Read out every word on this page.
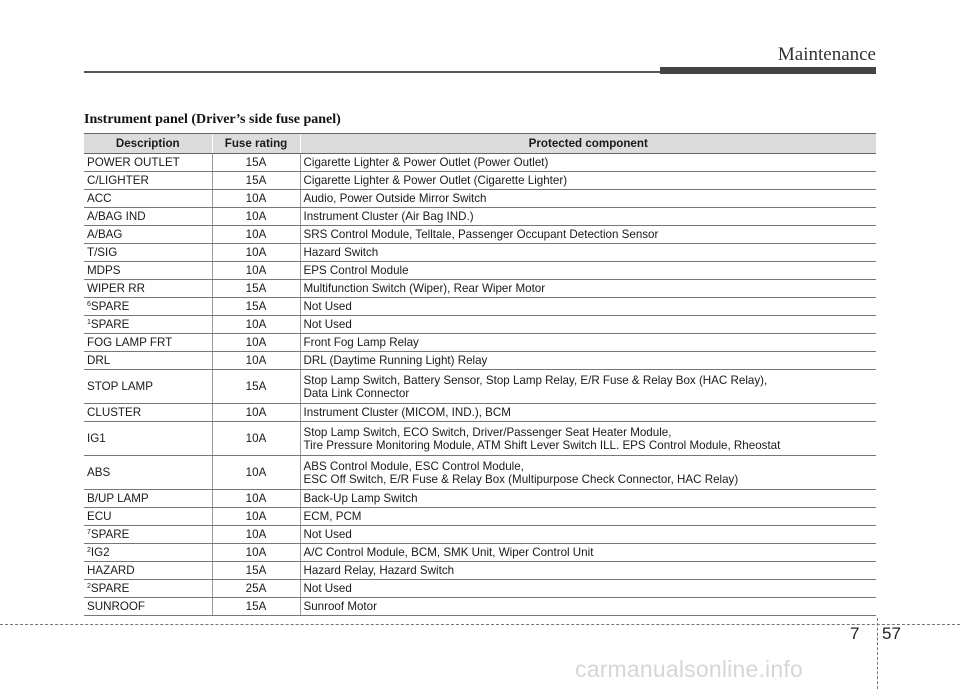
Maintenance
Instrument panel (Driver’s side fuse panel)
Description	Fuse rating	Protected component
POWER OUTLET	15A	Cigarette Lighter & Power Outlet (Power Outlet)

C/LIGHTER	15A	Cigarette Lighter & Power Outlet (Cigarette Lighter)

ACC	10A	Audio, Power Outside Mirror Switch

A/BAG IND	10A	Instrument Cluster (Air Bag IND.)

A/BAG	10A	SRS Control Module, Telltale, Passenger Occupant Detection Sensor

T/SIG	10A	Hazard Switch

MDPS	10A	EPS Control Module

WIPER RR	15A	Multifunction Switch (Wiper), Rear Wiper Motor

$^6$SPARE	15A	Not Used

$^1$SPARE	10A	Not Used

FOG LAMP FRT	10A	Front Fog Lamp Relay

DRL	10A	DRL (Daytime Running Light) Relay

STOP LAMP	15A	Stop Lamp Switch, Battery Sensor, Stop Lamp Relay, E/R Fuse & Relay Box (HAC Relay),
Data Link Connector

CLUSTER	10A	Instrument Cluster (MICOM, IND.), BCM

IG1	10A	Stop Lamp Switch, ECO Switch, Driver/Passenger Seat Heater Module,
Tire Pressure Monitoring Module, ATM Shift Lever Switch ILL. EPS Control Module, Rheostat

ABS	10A	ABS Control Module, ESC Control Module,
ESC Off Switch, E/R Fuse & Relay Box (Multipurpose Check Connector, HAC Relay)

B/UP LAMP	10A	Back-Up Lamp Switch

ECU	10A	ECM, PCM

$^7$SPARE	10A	Not Used

$^2$IG2	10A	A/C Control Module, BCM, SMK Unit, Wiper Control Unit

HAZARD	15A	Hazard Relay, Hazard Switch

$^2$SPARE	25A	Not Used

SUNROOF	15A	Sunroof Motor
7 57
carmanualsonline.info
